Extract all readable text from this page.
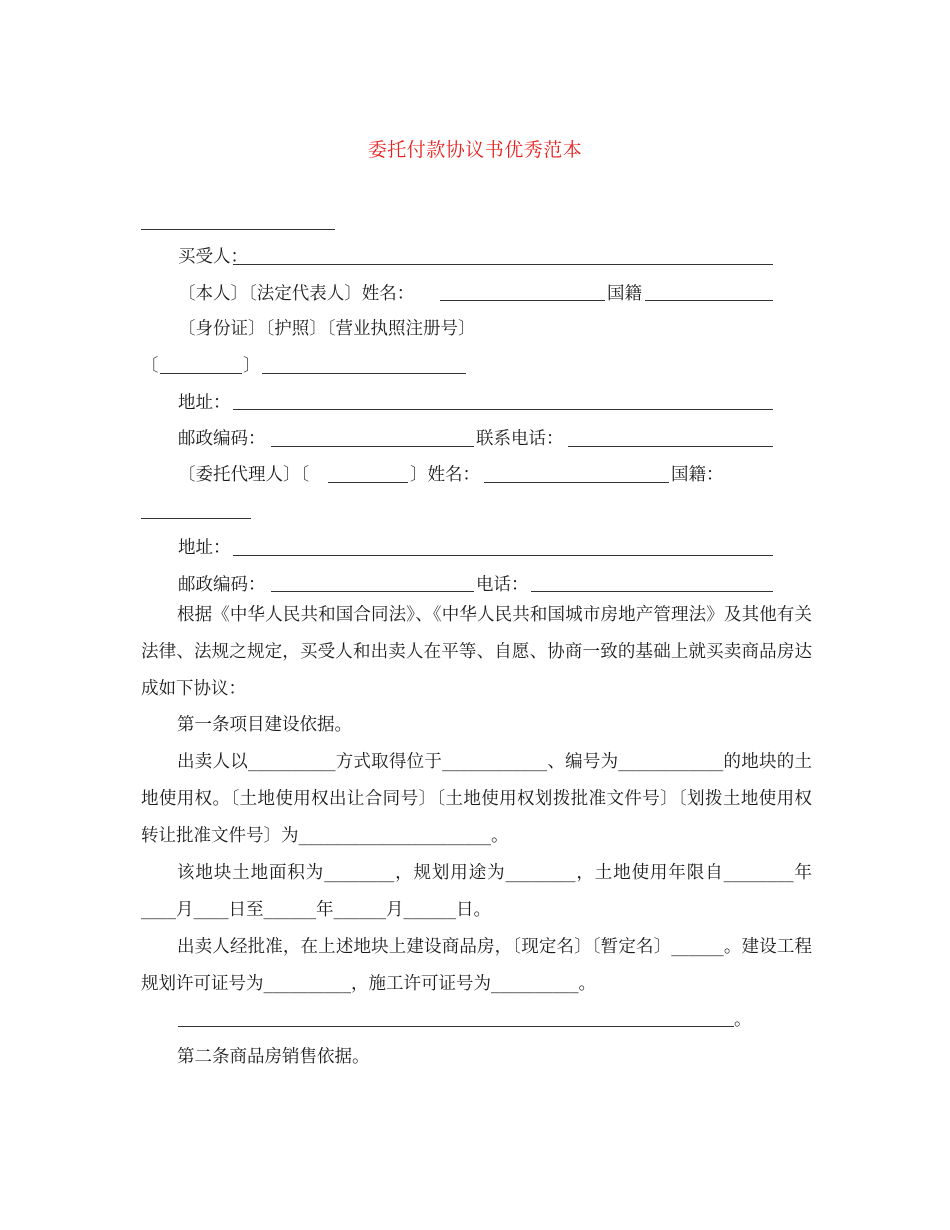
委托付款协议书优秀范本
买受人：
〔本人〕〔法定代表人〕姓名：	国籍
〔身份证〕〔护照〕〔营业执照注册号〕
〔	〕
地址：
邮政编码：	联系电话：
〔委托代理人〕〔	〕姓名：	国籍：
地址：
邮政编码：	电话：
根据《中华人民共和国合同法》、《中华人民共和国城市房地产管理法》及其他有关法律、法规之规定，买受人和出卖人在平等、自愿、协商一致的基础上就买卖商品房达成如下协议：
第一条项目建设依据。
出卖人以__________方式取得位于____________、编号为____________的地块的土地使用权。〔土地使用权出让合同号〕〔土地使用权划拨批准文件号〕〔划拨土地使用权转让批准文件号〕为______________________。
该地块土地面积为________，规划用途为________，土地使用年限自________年____月____日至______年______月______日。
出卖人经批准，在上述地块上建设商品房，〔现定名〕〔暂定名〕______。建设工程规划许可证号为__________，施工许可证号为__________。
。
第二条商品房销售依据。
